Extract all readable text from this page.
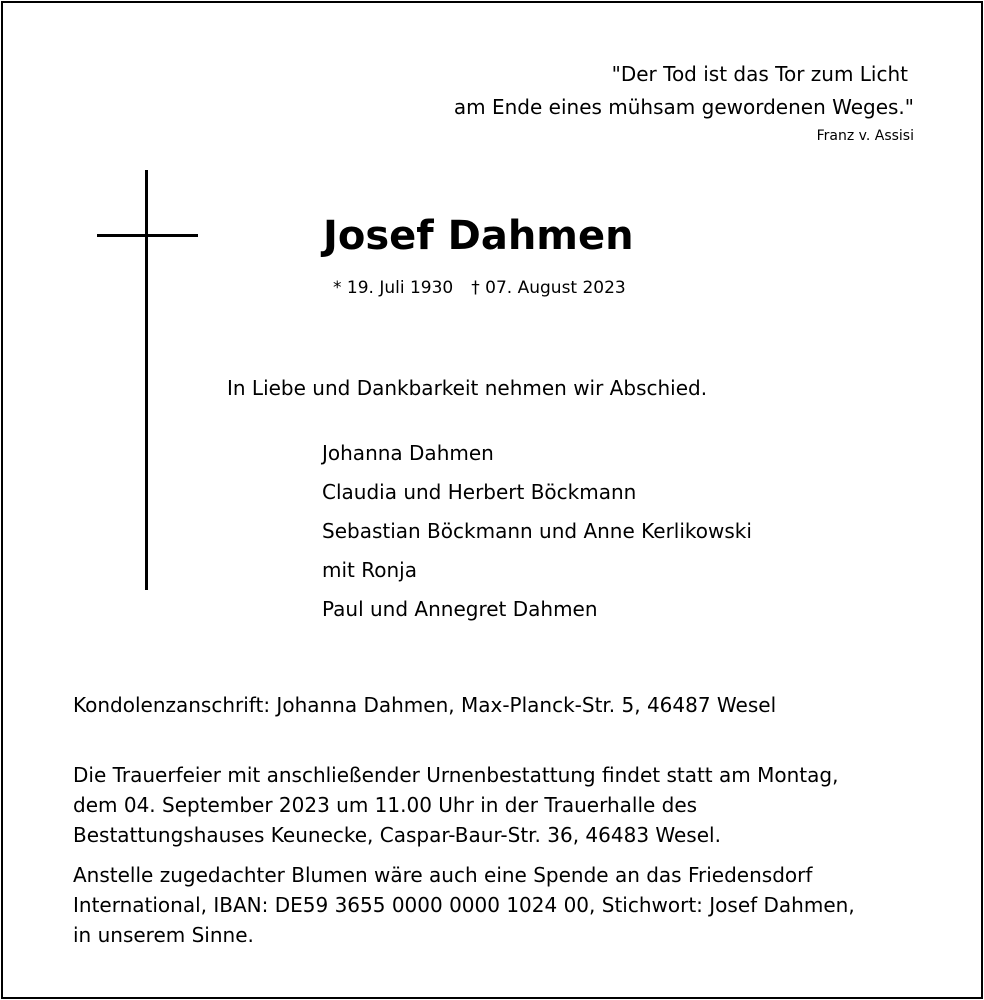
"Der Tod ist das Tor zum Licht
am Ende eines mühsam gewordenen Weges."
Franz v. Assisi
Josef Dahmen
* 19. Juli 1930 † 07. August 2023
In Liebe und Dankbarkeit nehmen wir Abschied.
Johanna Dahmen
Claudia und Herbert Böckmann
Sebastian Böckmann und Anne Kerlikowski
mit Ronja
Paul und Annegret Dahmen
Kondolenzanschrift: Johanna Dahmen, Max-Planck-Str. 5, 46487 Wesel
Die Trauerfeier mit anschließender Urnenbestattung findet statt am Montag,
dem 04. September 2023 um 11.00 Uhr in der Trauerhalle des
Bestattungshauses Keunecke, Caspar-Baur-Str. 36, 46483 Wesel.
Anstelle zugedachter Blumen wäre auch eine Spende an das Friedensdorf
International, IBAN: DE59 3655 0000 0000 1024 00, Stichwort: Josef Dahmen,
in unserem Sinne.
